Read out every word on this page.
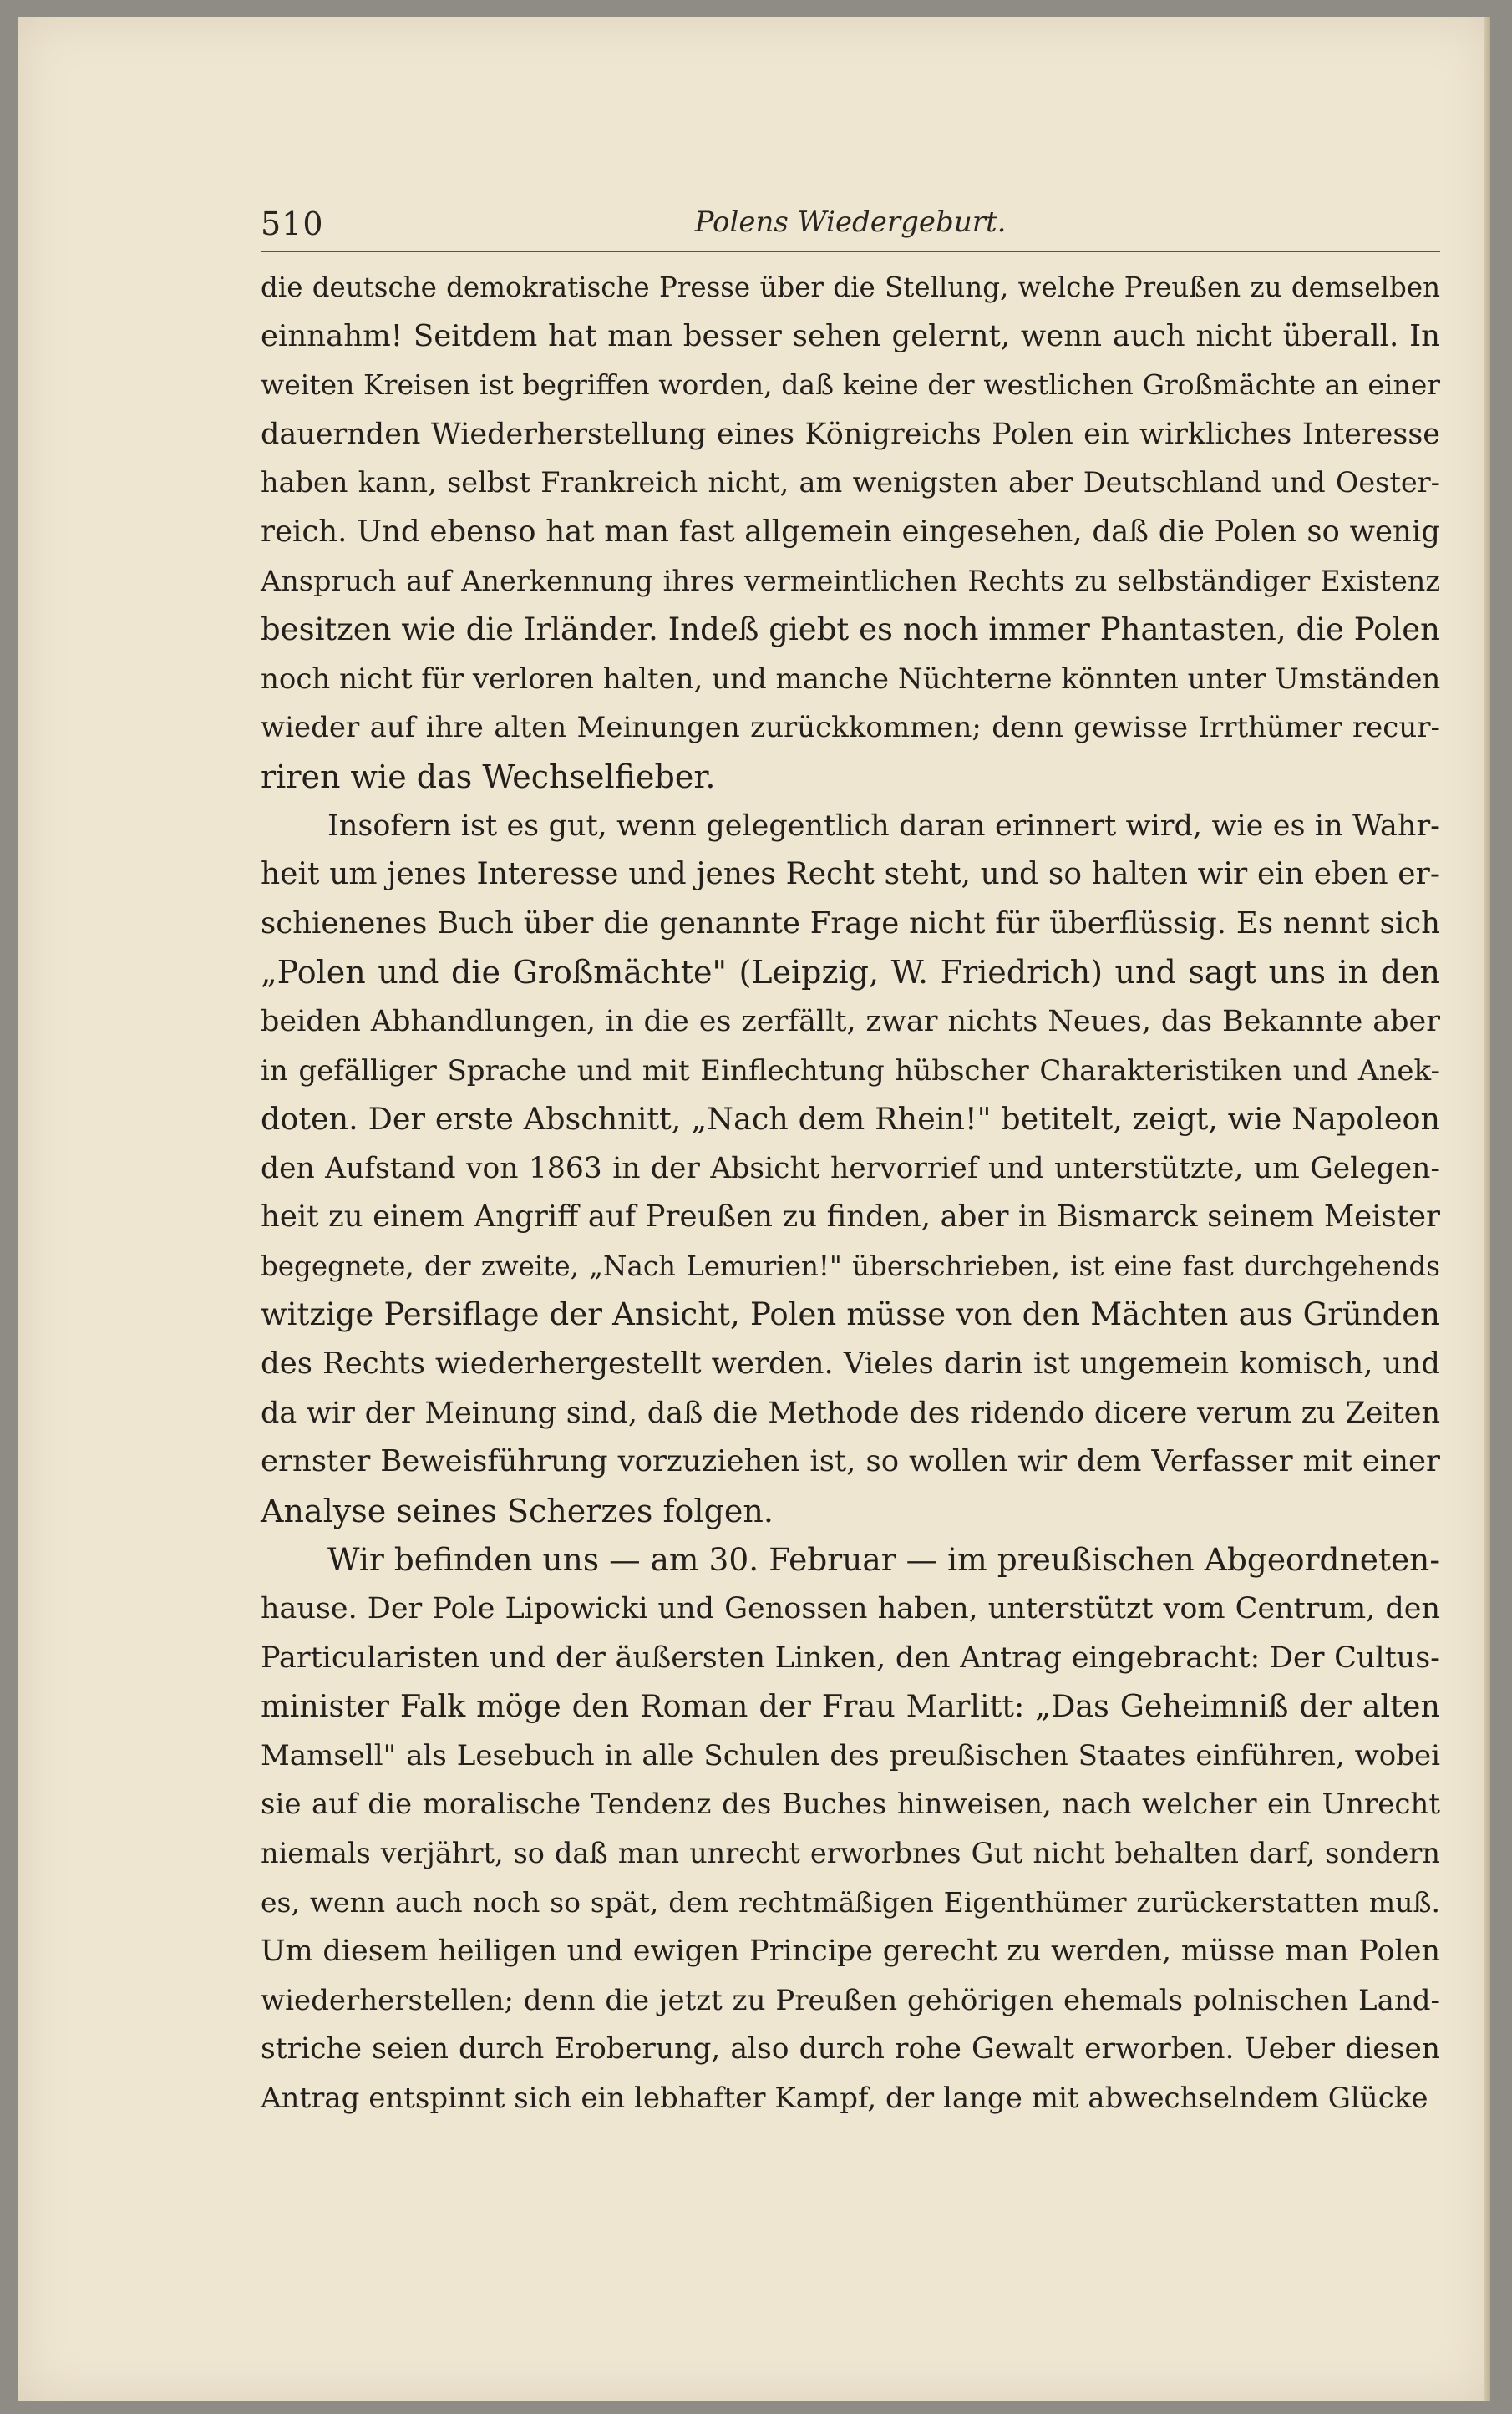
510	Polens Wiedergeburt.
die deutsche demokratische Presse über die Stellung, welche Preußen zu demselben
einnahm! Seitdem hat man besser sehen gelernt, wenn auch nicht überall. In
weiten Kreisen ist begriffen worden, daß keine der westlichen Großmächte an einer
dauernden Wiederherstellung eines Königreichs Polen ein wirkliches Interesse
haben kann, selbst Frankreich nicht, am wenigsten aber Deutschland und Oester-
reich. Und ebenso hat man fast allgemein eingesehen, daß die Polen so wenig
Anspruch auf Anerkennung ihres vermeintlichen Rechts zu selbständiger Existenz
besitzen wie die Irländer. Indeß giebt es noch immer Phantasten, die Polen
noch nicht für verloren halten, und manche Nüchterne könnten unter Umständen
wieder auf ihre alten Meinungen zurückkommen; denn gewisse Irrthümer recur-
riren wie das Wechselfieber.
Insofern ist es gut, wenn gelegentlich daran erinnert wird, wie es in Wahr-
heit um jenes Interesse und jenes Recht steht, und so halten wir ein eben er-
schienenes Buch über die genannte Frage nicht für überflüssig. Es nennt sich
„Polen und die Großmächte" (Leipzig, W. Friedrich) und sagt uns in den
beiden Abhandlungen, in die es zerfällt, zwar nichts Neues, das Bekannte aber
in gefälliger Sprache und mit Einflechtung hübscher Charakteristiken und Anek-
doten. Der erste Abschnitt, „Nach dem Rhein!" betitelt, zeigt, wie Napoleon
den Aufstand von 1863 in der Absicht hervorrief und unterstützte, um Gelegen-
heit zu einem Angriff auf Preußen zu finden, aber in Bismarck seinem Meister
begegnete, der zweite, „Nach Lemurien!" überschrieben, ist eine fast durchgehends
witzige Persiflage der Ansicht, Polen müsse von den Mächten aus Gründen
des Rechts wiederhergestellt werden. Vieles darin ist ungemein komisch, und
da wir der Meinung sind, daß die Methode des ridendo dicere verum zu Zeiten
ernster Beweisführung vorzuziehen ist, so wollen wir dem Verfasser mit einer
Analyse seines Scherzes folgen.
Wir befinden uns — am 30. Februar — im preußischen Abgeordneten-
hause. Der Pole Lipowicki und Genossen haben, unterstützt vom Centrum, den
Particularisten und der äußersten Linken, den Antrag eingebracht: Der Cultus-
minister Falk möge den Roman der Frau Marlitt: „Das Geheimniß der alten
Mamsell" als Lesebuch in alle Schulen des preußischen Staates einführen, wobei
sie auf die moralische Tendenz des Buches hinweisen, nach welcher ein Unrecht
niemals verjährt, so daß man unrecht erworbnes Gut nicht behalten darf, sondern
es, wenn auch noch so spät, dem rechtmäßigen Eigenthümer zurückerstatten muß.
Um diesem heiligen und ewigen Principe gerecht zu werden, müsse man Polen
wiederherstellen; denn die jetzt zu Preußen gehörigen ehemals polnischen Land-
striche seien durch Eroberung, also durch rohe Gewalt erworben. Ueber diesen
Antrag entspinnt sich ein lebhafter Kampf, der lange mit abwechselndem Glücke
